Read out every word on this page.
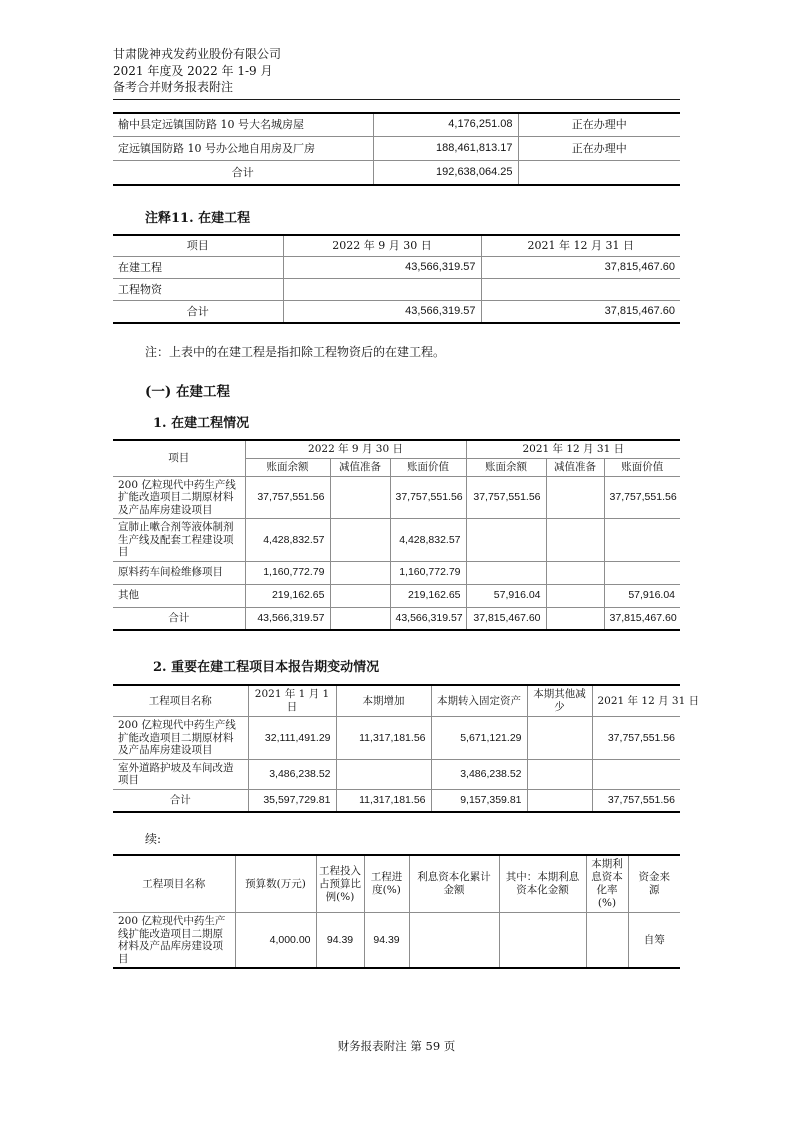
甘肃陇神戎发药业股份有限公司
2021 年度及 2022 年 1-9 月
备考合并财务报表附注
榆中县定远镇国防路 10 号大名城房屋	4,176,251.08	正在办理中
定远镇国防路 10 号办公地自用房及厂房	188,461,813.17	正在办理中
合计	192,638,064.25	
注释11. 在建工程
项目	2022 年 9 月 30 日	2021 年 12 月 31 日
在建工程	43,566,319.57	37,815,467.60
工程物资		
合计	43,566,319.57	37,815,467.60
注：上表中的在建工程是指扣除工程物资后的在建工程。
(一) 在建工程
1. 在建工程情况
项目	2022 年 9 月 30 日			2021 年 12 月 31 日		
	账面余额	减值准备	账面价值	账面余额	减值准备	账面价值
200 亿粒现代中药生产线扩能改造项目二期原材料及产品库房建设项目	37,757,551.56		37,757,551.56	37,757,551.56		37,757,551.56
宣肺止嗽合剂等液体制剂生产线及配套工程建设项目	4,428,832.57		4,428,832.57			
原料药车间检维修项目	1,160,772.79		1,160,772.79			
其他	219,162.65		219,162.65	57,916.04		57,916.04
合计	43,566,319.57		43,566,319.57	37,815,467.60		37,815,467.60
2. 重要在建工程项目本报告期变动情况
工程项目名称	2021 年 1 月 1 日	本期增加	本期转入固定资产	本期其他减少	2021 年 12 月 31 日
200 亿粒现代中药生产线扩能改造项目二期原材料及产品库房建设项目	32,111,491.29	11,317,181.56	5,671,121.29		37,757,551.56
室外道路护坡及车间改造项目	3,486,238.52		3,486,238.52		
合计	35,597,729.81	11,317,181.56	9,157,359.81		37,757,551.56
续:
工程项目名称	预算数(万元)	工程投入占预算比例(%)	工程进度(%)	利息资本化累计金额	其中：本期利息资本化金额	本期利息资本化率(%)	资金来源
200 亿粒现代中药生产线扩能改造项目二期原材料及产品库房建设项目	4,000.00	94.39	94.39				自筹
财务报表附注 第 59 页
